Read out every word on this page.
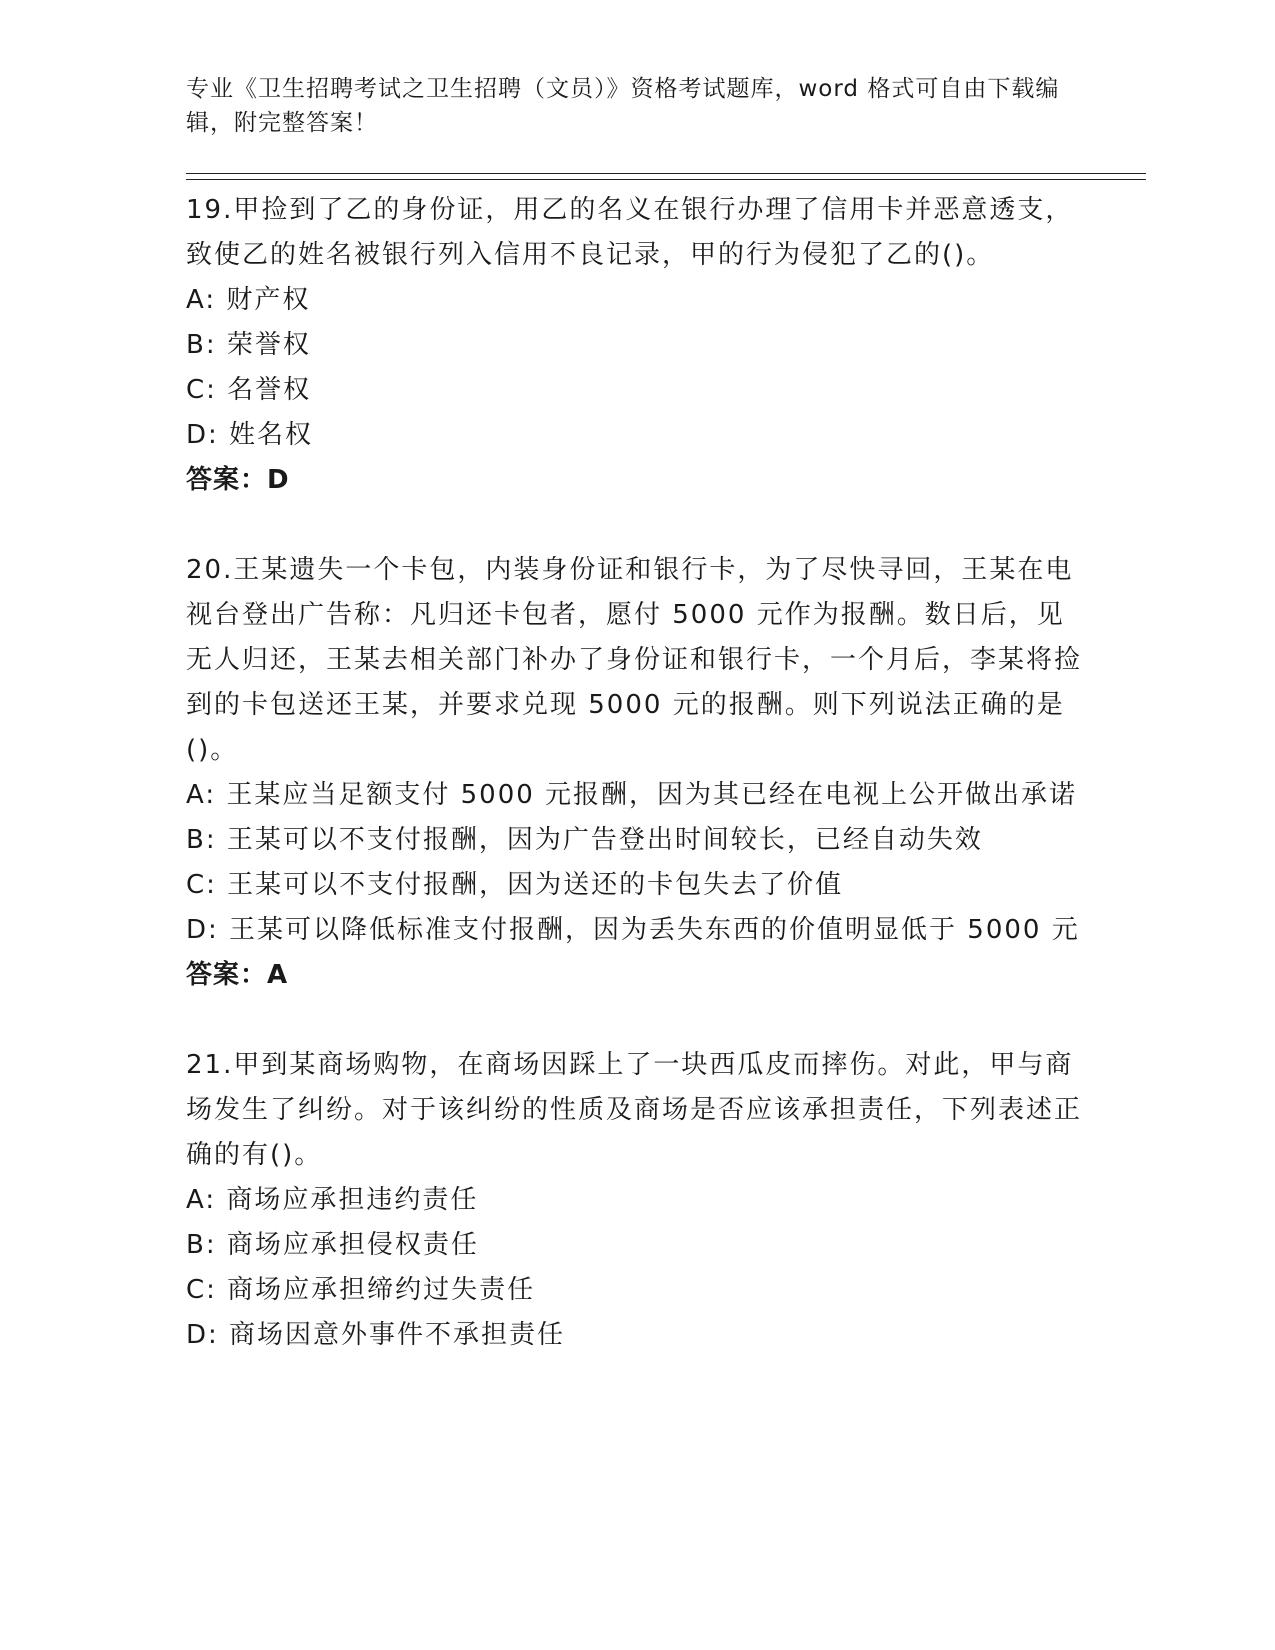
专业《卫生招聘考试之卫生招聘（文员）》资格考试题库，word 格式可自由下载编辑，附完整答案！

19.甲捡到了乙的身份证，用乙的名义在银行办理了信用卡并恶意透支，致使乙的姓名被银行列入信用不良记录，甲的行为侵犯了乙的()。

A: 财产权

B: 荣誉权

C: 名誉权

D: 姓名权

答案：D

20.王某遗失一个卡包，内装身份证和银行卡，为了尽快寻回，王某在电视台登出广告称：凡归还卡包者，愿付 5000 元作为报酬。数日后，见无人归还，王某去相关部门补办了身份证和银行卡，一个月后，李某将捡到的卡包送还王某，并要求兑现 5000 元的报酬。则下列说法正确的是()。

A: 王某应当足额支付 5000 元报酬，因为其已经在电视上公开做出承诺

B: 王某可以不支付报酬，因为广告登出时间较长，已经自动失效

C: 王某可以不支付报酬，因为送还的卡包失去了价值

D: 王某可以降低标准支付报酬，因为丢失东西的价值明显低于 5000 元

答案：A

21.甲到某商场购物，在商场因踩上了一块西瓜皮而摔伤。对此，甲与商场发生了纠纷。对于该纠纷的性质及商场是否应该承担责任，下列表述正确的有()。

A: 商场应承担违约责任

B: 商场应承担侵权责任

C: 商场应承担缔约过失责任

D: 商场因意外事件不承担责任
